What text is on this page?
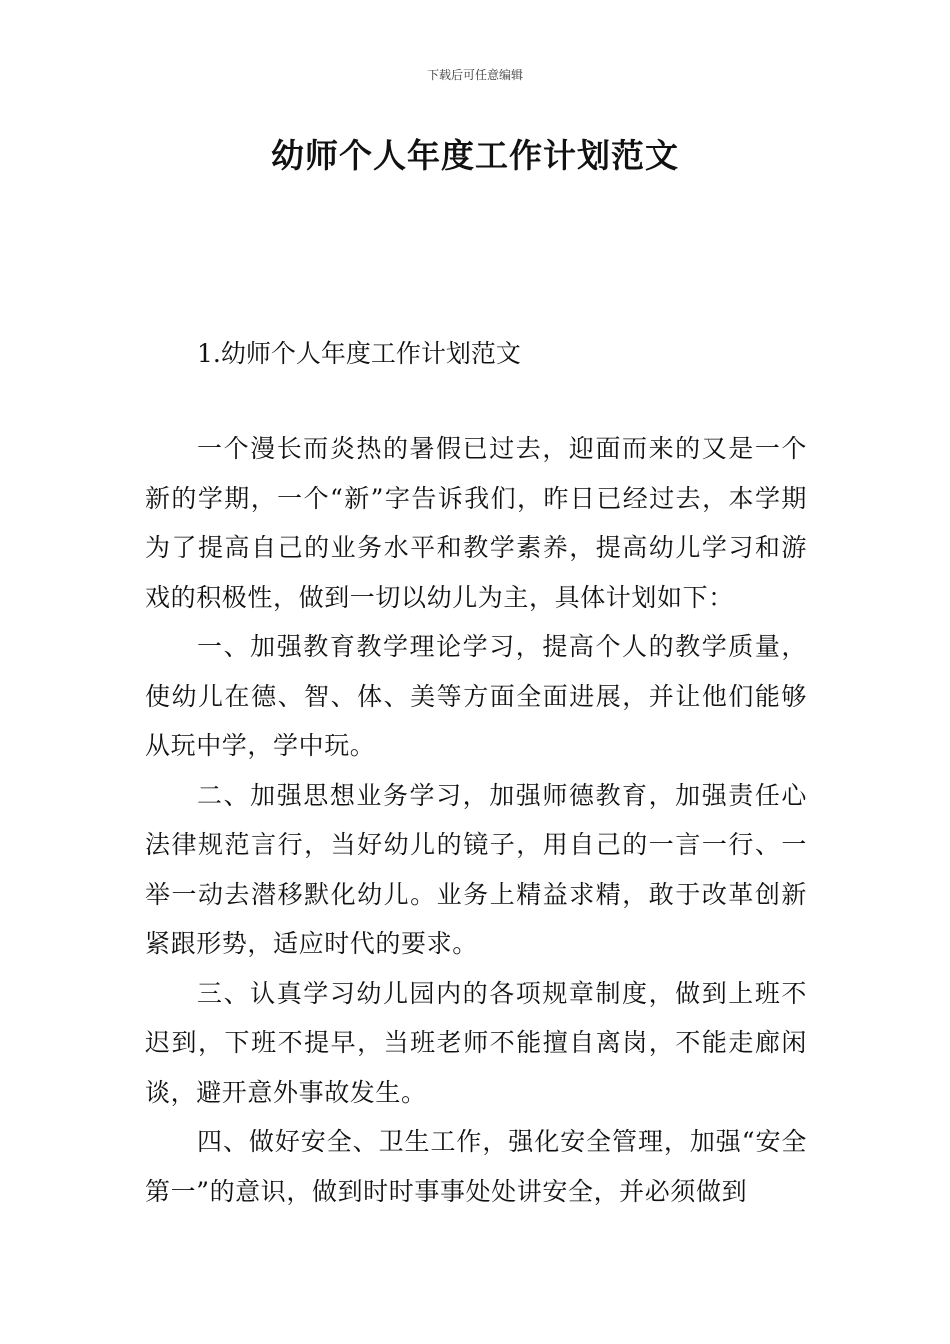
下载后可任意编辑
幼师个人年度工作计划范文
1.幼师个人年度工作计划范文

一个漫长而炎热的暑假已过去，迎面而来的又是一个新的学期，一个“新”字告诉我们，昨日已经过去，本学期为了提高自己的业务水平和教学素养，提高幼儿学习和游戏的积极性，做到一切以幼儿为主，具体计划如下：

一、加强教育教学理论学习，提高个人的教学质量，使幼儿在德、智、体、美等方面全面进展，并让他们能够从玩中学，学中玩。

二、加强思想业务学习，加强师德教育，加强责任心法律规范言行，当好幼儿的镜子，用自己的一言一行、一举一动去潜移默化幼儿。业务上精益求精，敢于改革创新紧跟形势，适应时代的要求。

三、认真学习幼儿园内的各项规章制度，做到上班不迟到，下班不提早，当班老师不能擅自离岗，不能走廊闲谈，避开意外事故发生。

四、做好安全、卫生工作，强化安全管理，加强“安全第一”的意识，做到时时事事处处讲安全，并必须做到
